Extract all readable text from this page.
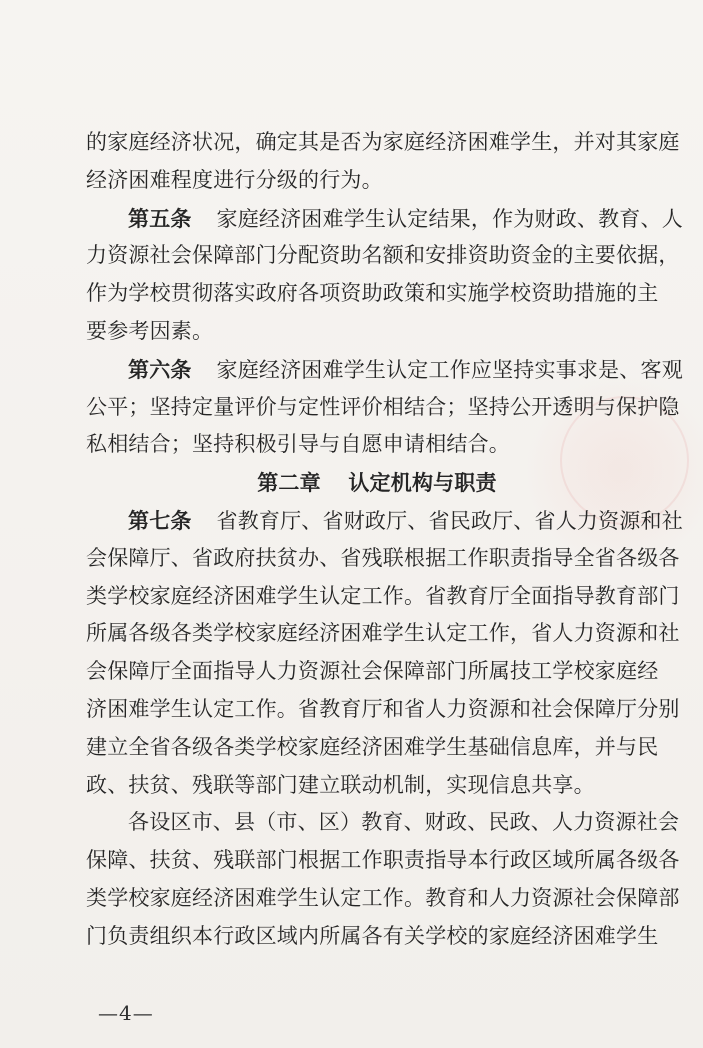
的家庭经济状况，确定其是否为家庭经济困难学生，并对其家庭
经济困难程度进行分级的行为。
第五条 家庭经济困难学生认定结果，作为财政、教育、人
力资源社会保障部门分配资助名额和安排资助资金的主要依据，
作为学校贯彻落实政府各项资助政策和实施学校资助措施的主
要参考因素。
第六条 家庭经济困难学生认定工作应坚持实事求是、客观
公平；坚持定量评价与定性评价相结合；坚持公开透明与保护隐
私相结合；坚持积极引导与自愿申请相结合。
第二章 认定机构与职责
第七条 省教育厅、省财政厅、省民政厅、省人力资源和社
会保障厅、省政府扶贫办、省残联根据工作职责指导全省各级各
类学校家庭经济困难学生认定工作。省教育厅全面指导教育部门
所属各级各类学校家庭经济困难学生认定工作，省人力资源和社
会保障厅全面指导人力资源社会保障部门所属技工学校家庭经
济困难学生认定工作。省教育厅和省人力资源和社会保障厅分别
建立全省各级各类学校家庭经济困难学生基础信息库，并与民
政、扶贫、残联等部门建立联动机制，实现信息共享。
各设区市、县（市、区）教育、财政、民政、人力资源社会
保障、扶贫、残联部门根据工作职责指导本行政区域所属各级各
类学校家庭经济困难学生认定工作。教育和人力资源社会保障部
门负责组织本行政区域内所属各有关学校的家庭经济困难学生
—4—
